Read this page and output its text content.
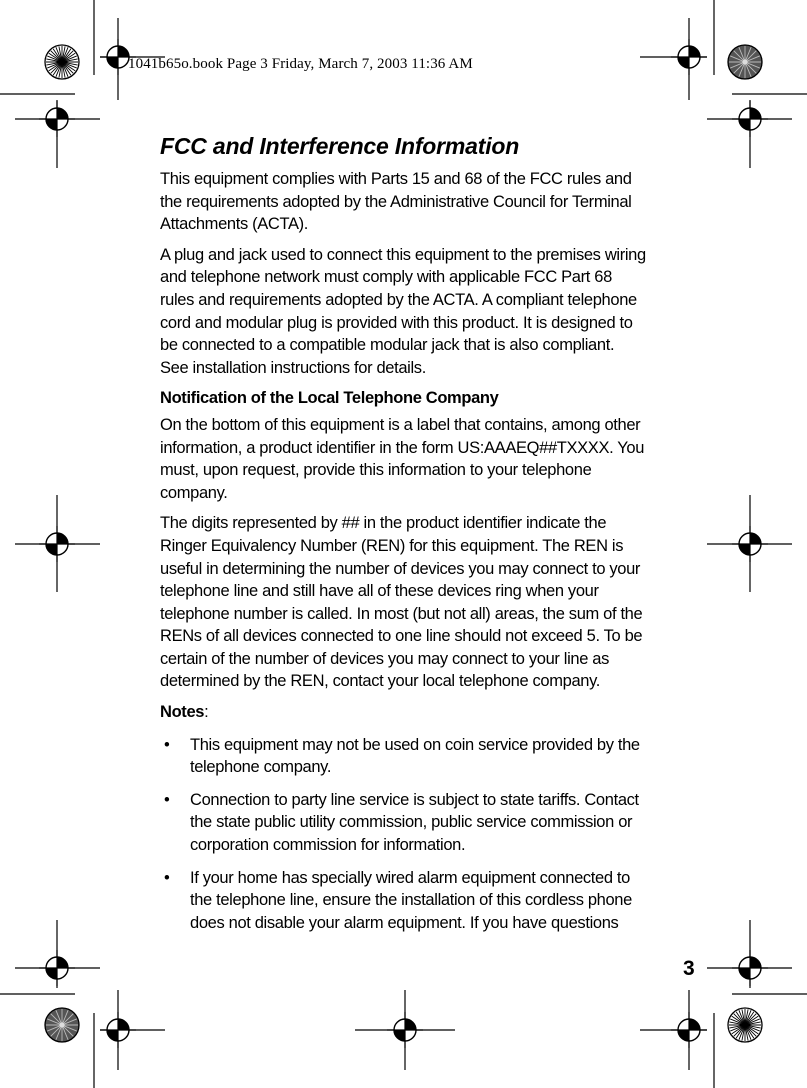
1041b65o.book Page 3 Friday, March 7, 2003 11:36 AM
FCC and Interference Information

This equipment complies with Parts 15 and 68 of the FCC rules and the requirements adopted by the Administrative Council for Terminal Attachments (ACTA).

A plug and jack used to connect this equipment to the premises wiring and telephone network must comply with applicable FCC Part 68 rules and requirements adopted by the ACTA. A compliant telephone cord and modular plug is provided with this product. It is designed to be connected to a compatible modular jack that is also compliant. See installation instructions for details.

Notification of the Local Telephone Company

On the bottom of this equipment is a label that contains, among other information, a product identifier in the form US:AAAEQ##TXXXX. You must, upon request, provide this information to your telephone company.

The digits represented by ## in the product identifier indicate the Ringer Equivalency Number (REN) for this equipment. The REN is useful in determining the number of devices you may connect to your telephone line and still have all of these devices ring when your telephone number is called. In most (but not all) areas, the sum of the RENs of all devices connected to one line should not exceed 5. To be certain of the number of devices you may connect to your line as determined by the REN, contact your local telephone company.

Notes:

• This equipment may not be used on coin service provided by the telephone company.
• Connection to party line service is subject to state tariffs. Contact the state public utility commission, public service commission or corporation commission for information.
• If your home has specially wired alarm equipment connected to the telephone line, ensure the installation of this cordless phone does not disable your alarm equipment. If you have questions
3
